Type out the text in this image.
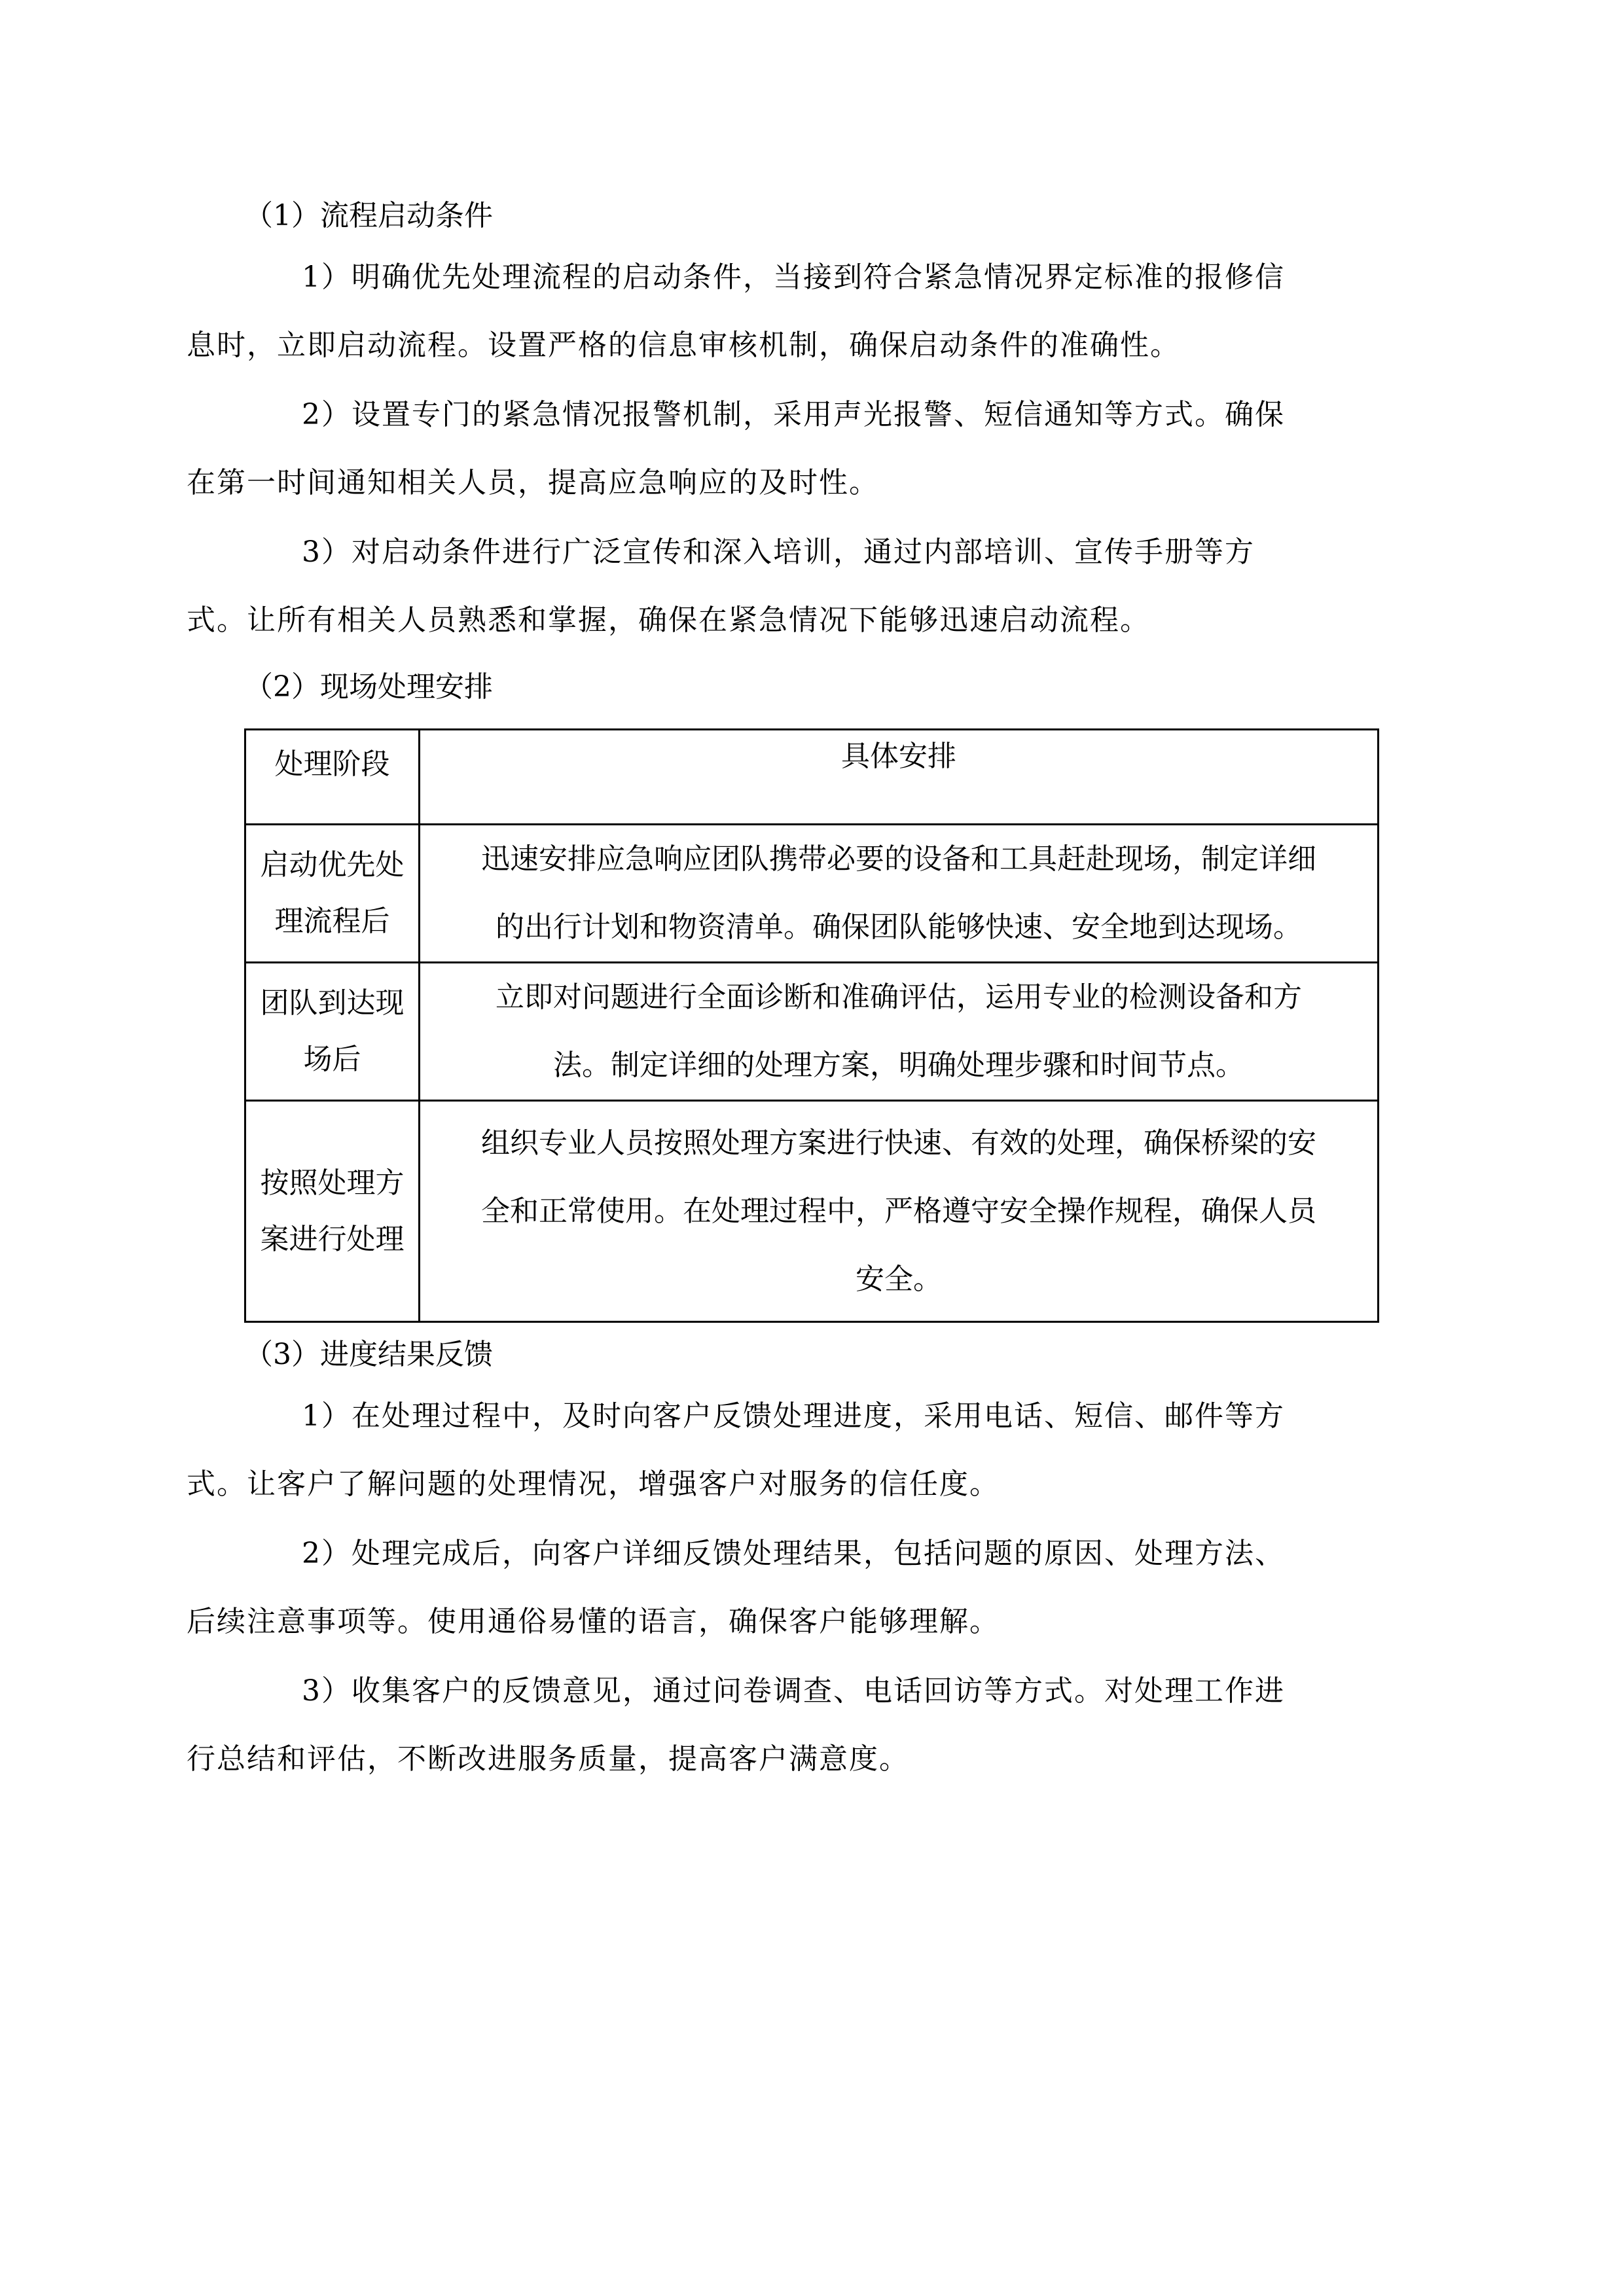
（1）流程启动条件
1）明确优先处理流程的启动条件，当接到符合紧急情况界定标准的报修信
息时，立即启动流程。设置严格的信息审核机制，确保启动条件的准确性。
2）设置专门的紧急情况报警机制，采用声光报警、短信通知等方式。确保
在第一时间通知相关人员，提高应急响应的及时性。
3）对启动条件进行广泛宣传和深入培训，通过内部培训、宣传手册等方
式。让所有相关人员熟悉和掌握，确保在紧急情况下能够迅速启动流程。
（2）现场处理安排
处理阶段	具体安排

启动优先处
理流程后	迅速安排应急响应团队携带必要的设备和工具赶赴现场，制定详细
的出行计划和物资清单。确保团队能够快速、安全地到达现场。

团队到达现
场后	立即对问题进行全面诊断和准确评估，运用专业的检测设备和方
法。制定详细的处理方案，明确处理步骤和时间节点。

按照处理方
案进行处理	组织专业人员按照处理方案进行快速、有效的处理，确保桥梁的安
全和正常使用。在处理过程中，严格遵守安全操作规程，确保人员
安全。
（3）进度结果反馈
1）在处理过程中，及时向客户反馈处理进度，采用电话、短信、邮件等方
式。让客户了解问题的处理情况，增强客户对服务的信任度。
2）处理完成后，向客户详细反馈处理结果，包括问题的原因、处理方法、
后续注意事项等。使用通俗易懂的语言，确保客户能够理解。
3）收集客户的反馈意见，通过问卷调查、电话回访等方式。对处理工作进
行总结和评估，不断改进服务质量，提高客户满意度。
